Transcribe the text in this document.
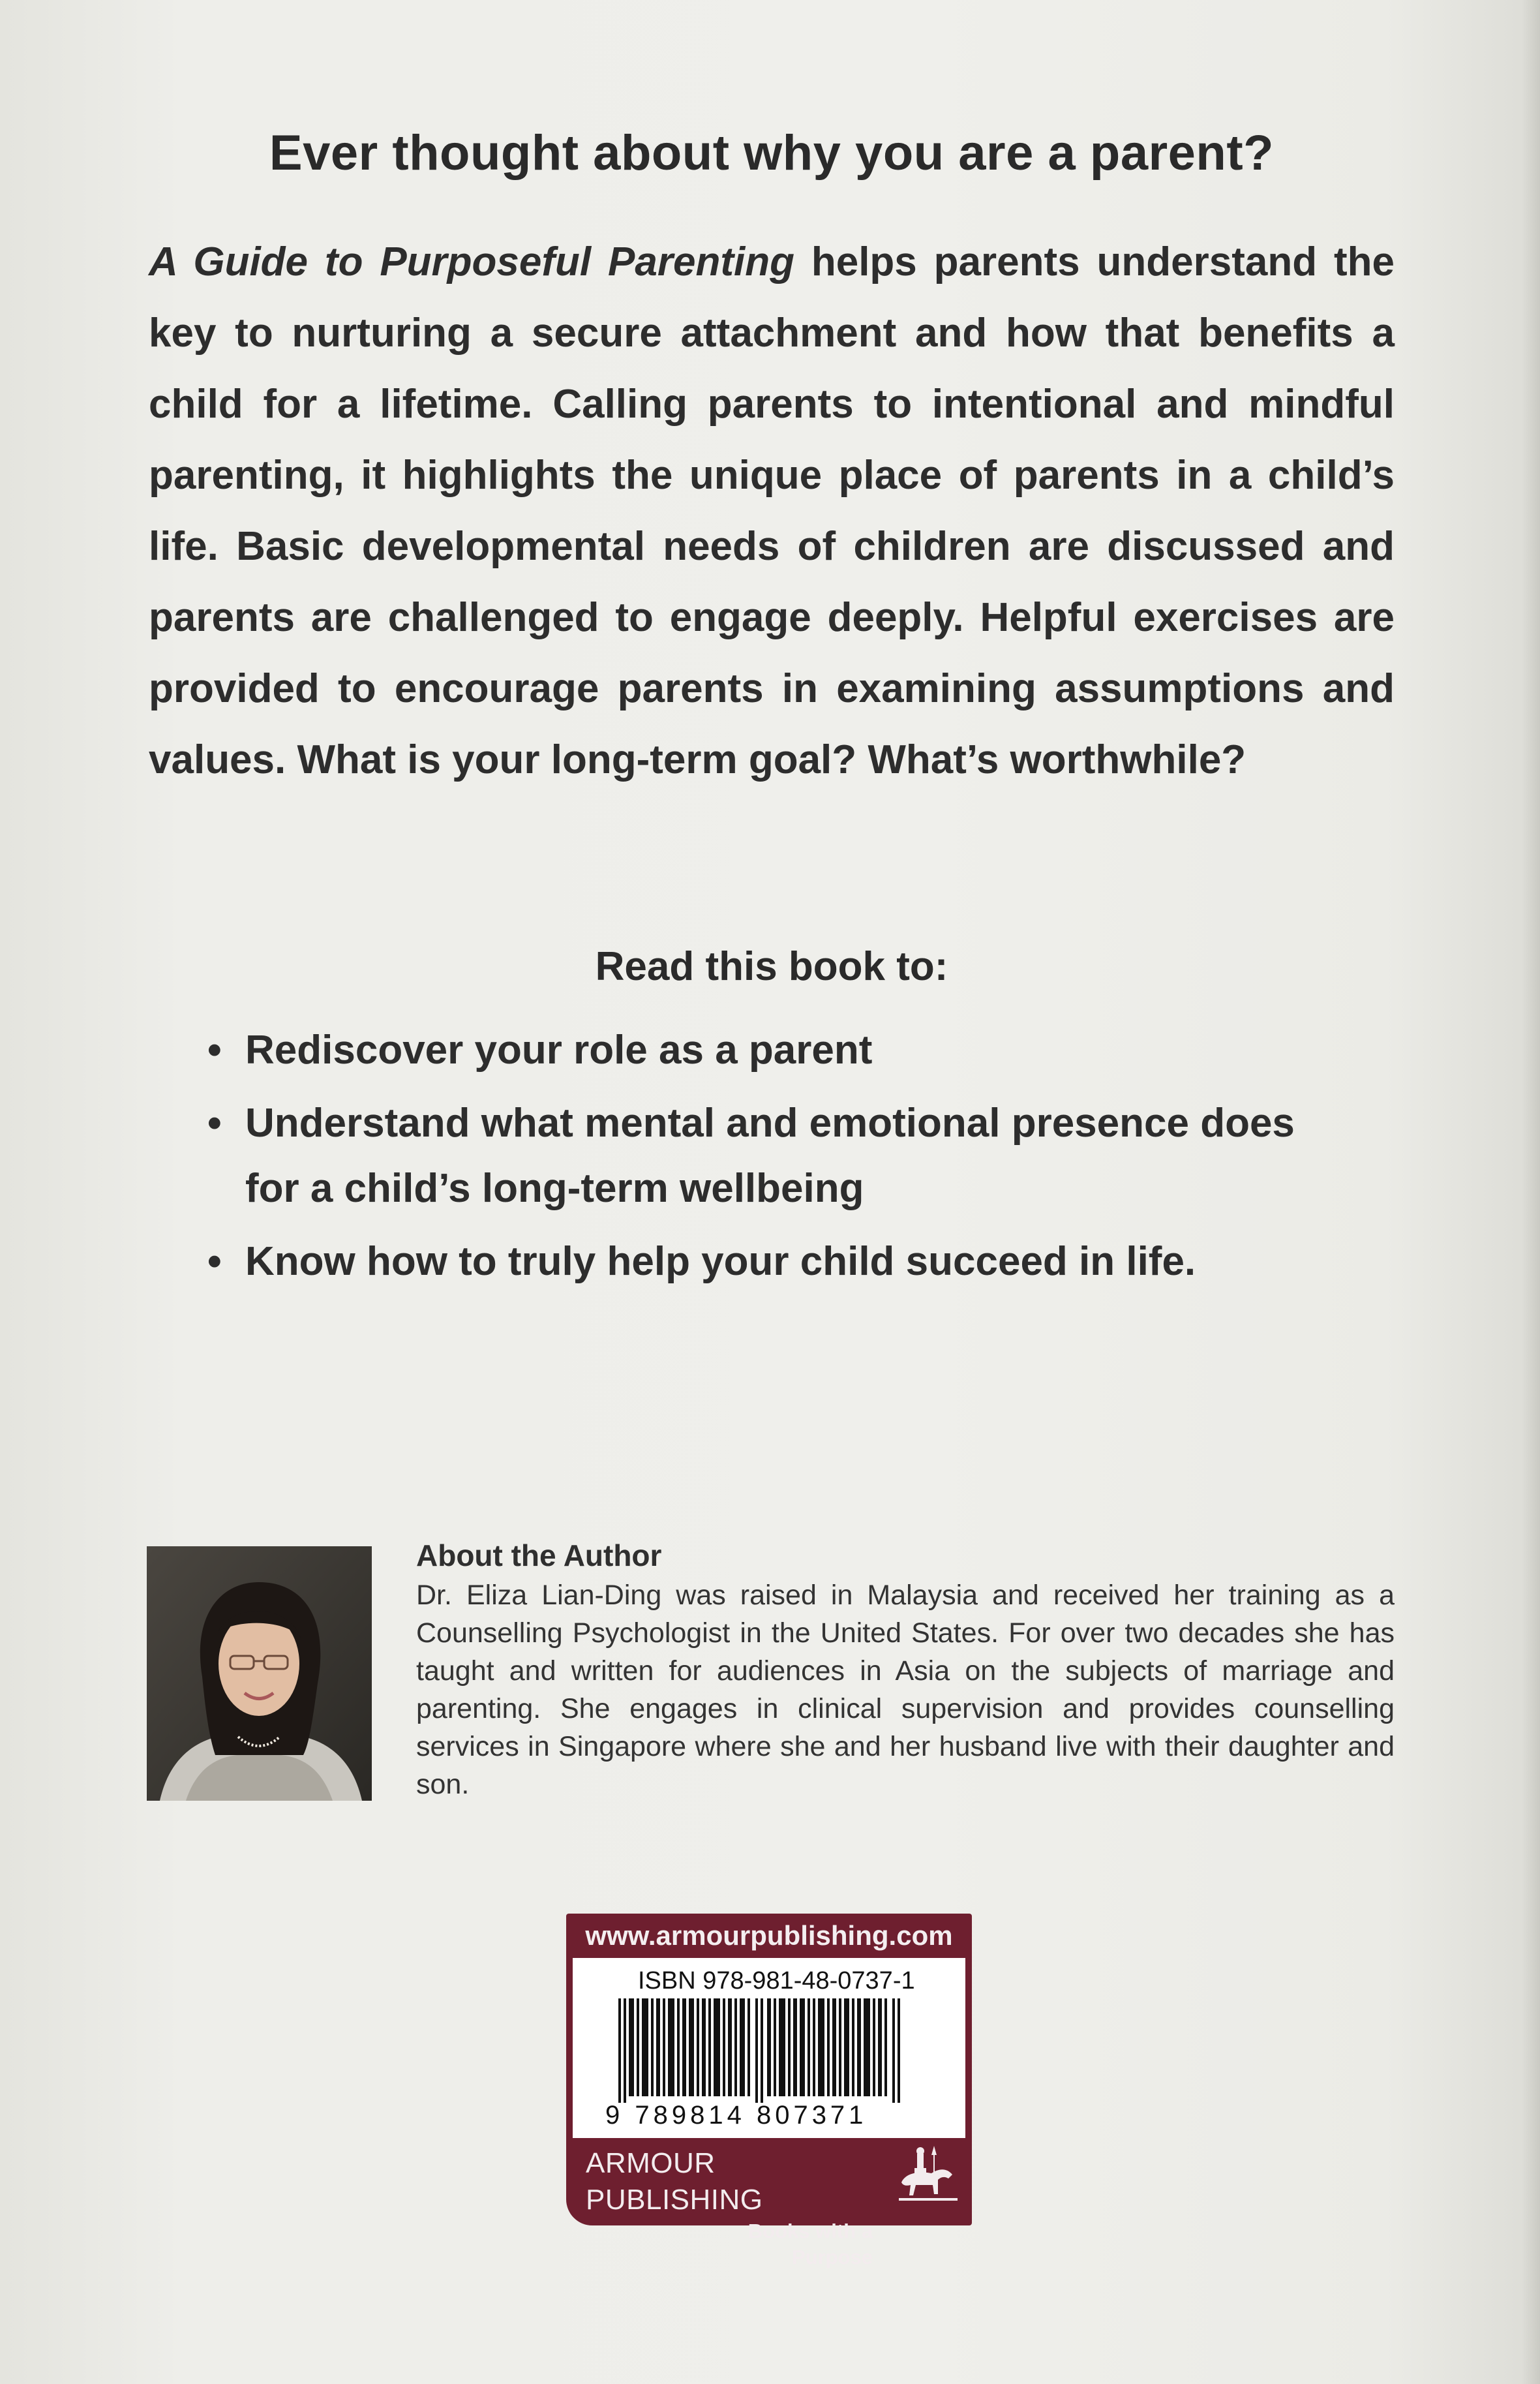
Ever thought about why you are a parent?

A Guide to Purposeful Parenting helps parents understand the key to nurturing a secure attachment and how that benefits a child for a lifetime. Calling parents to intentional and mindful parenting, it highlights the unique place of parents in a child’s life. Basic developmental needs of children are discussed and parents are challenged to engage deeply. Helpful exercises are provided to encourage parents in examining assumptions and values. What is your long-term goal? What’s worthwhile?

Read this book to:
• Rediscover your role as a parent
• Understand what mental and emotional presence does for a child’s long-term wellbeing
• Know how to truly help your child succeed in life.
About the Author

Dr. Eliza Lian-Ding was raised in Malaysia and received her training as a Counselling Psychologist in the United States. For over two decades she has taught and written for audiences in Asia on the subjects of marriage and parenting. She engages in clinical supervision and provides counselling services in Singapore where she and her husband live with their daughter and son.

www.armourpublishing.com
ISBN 978-981-48-0737-1
9 789814 807371
ARMOUR PUBLISHING
Books with a Purpose
